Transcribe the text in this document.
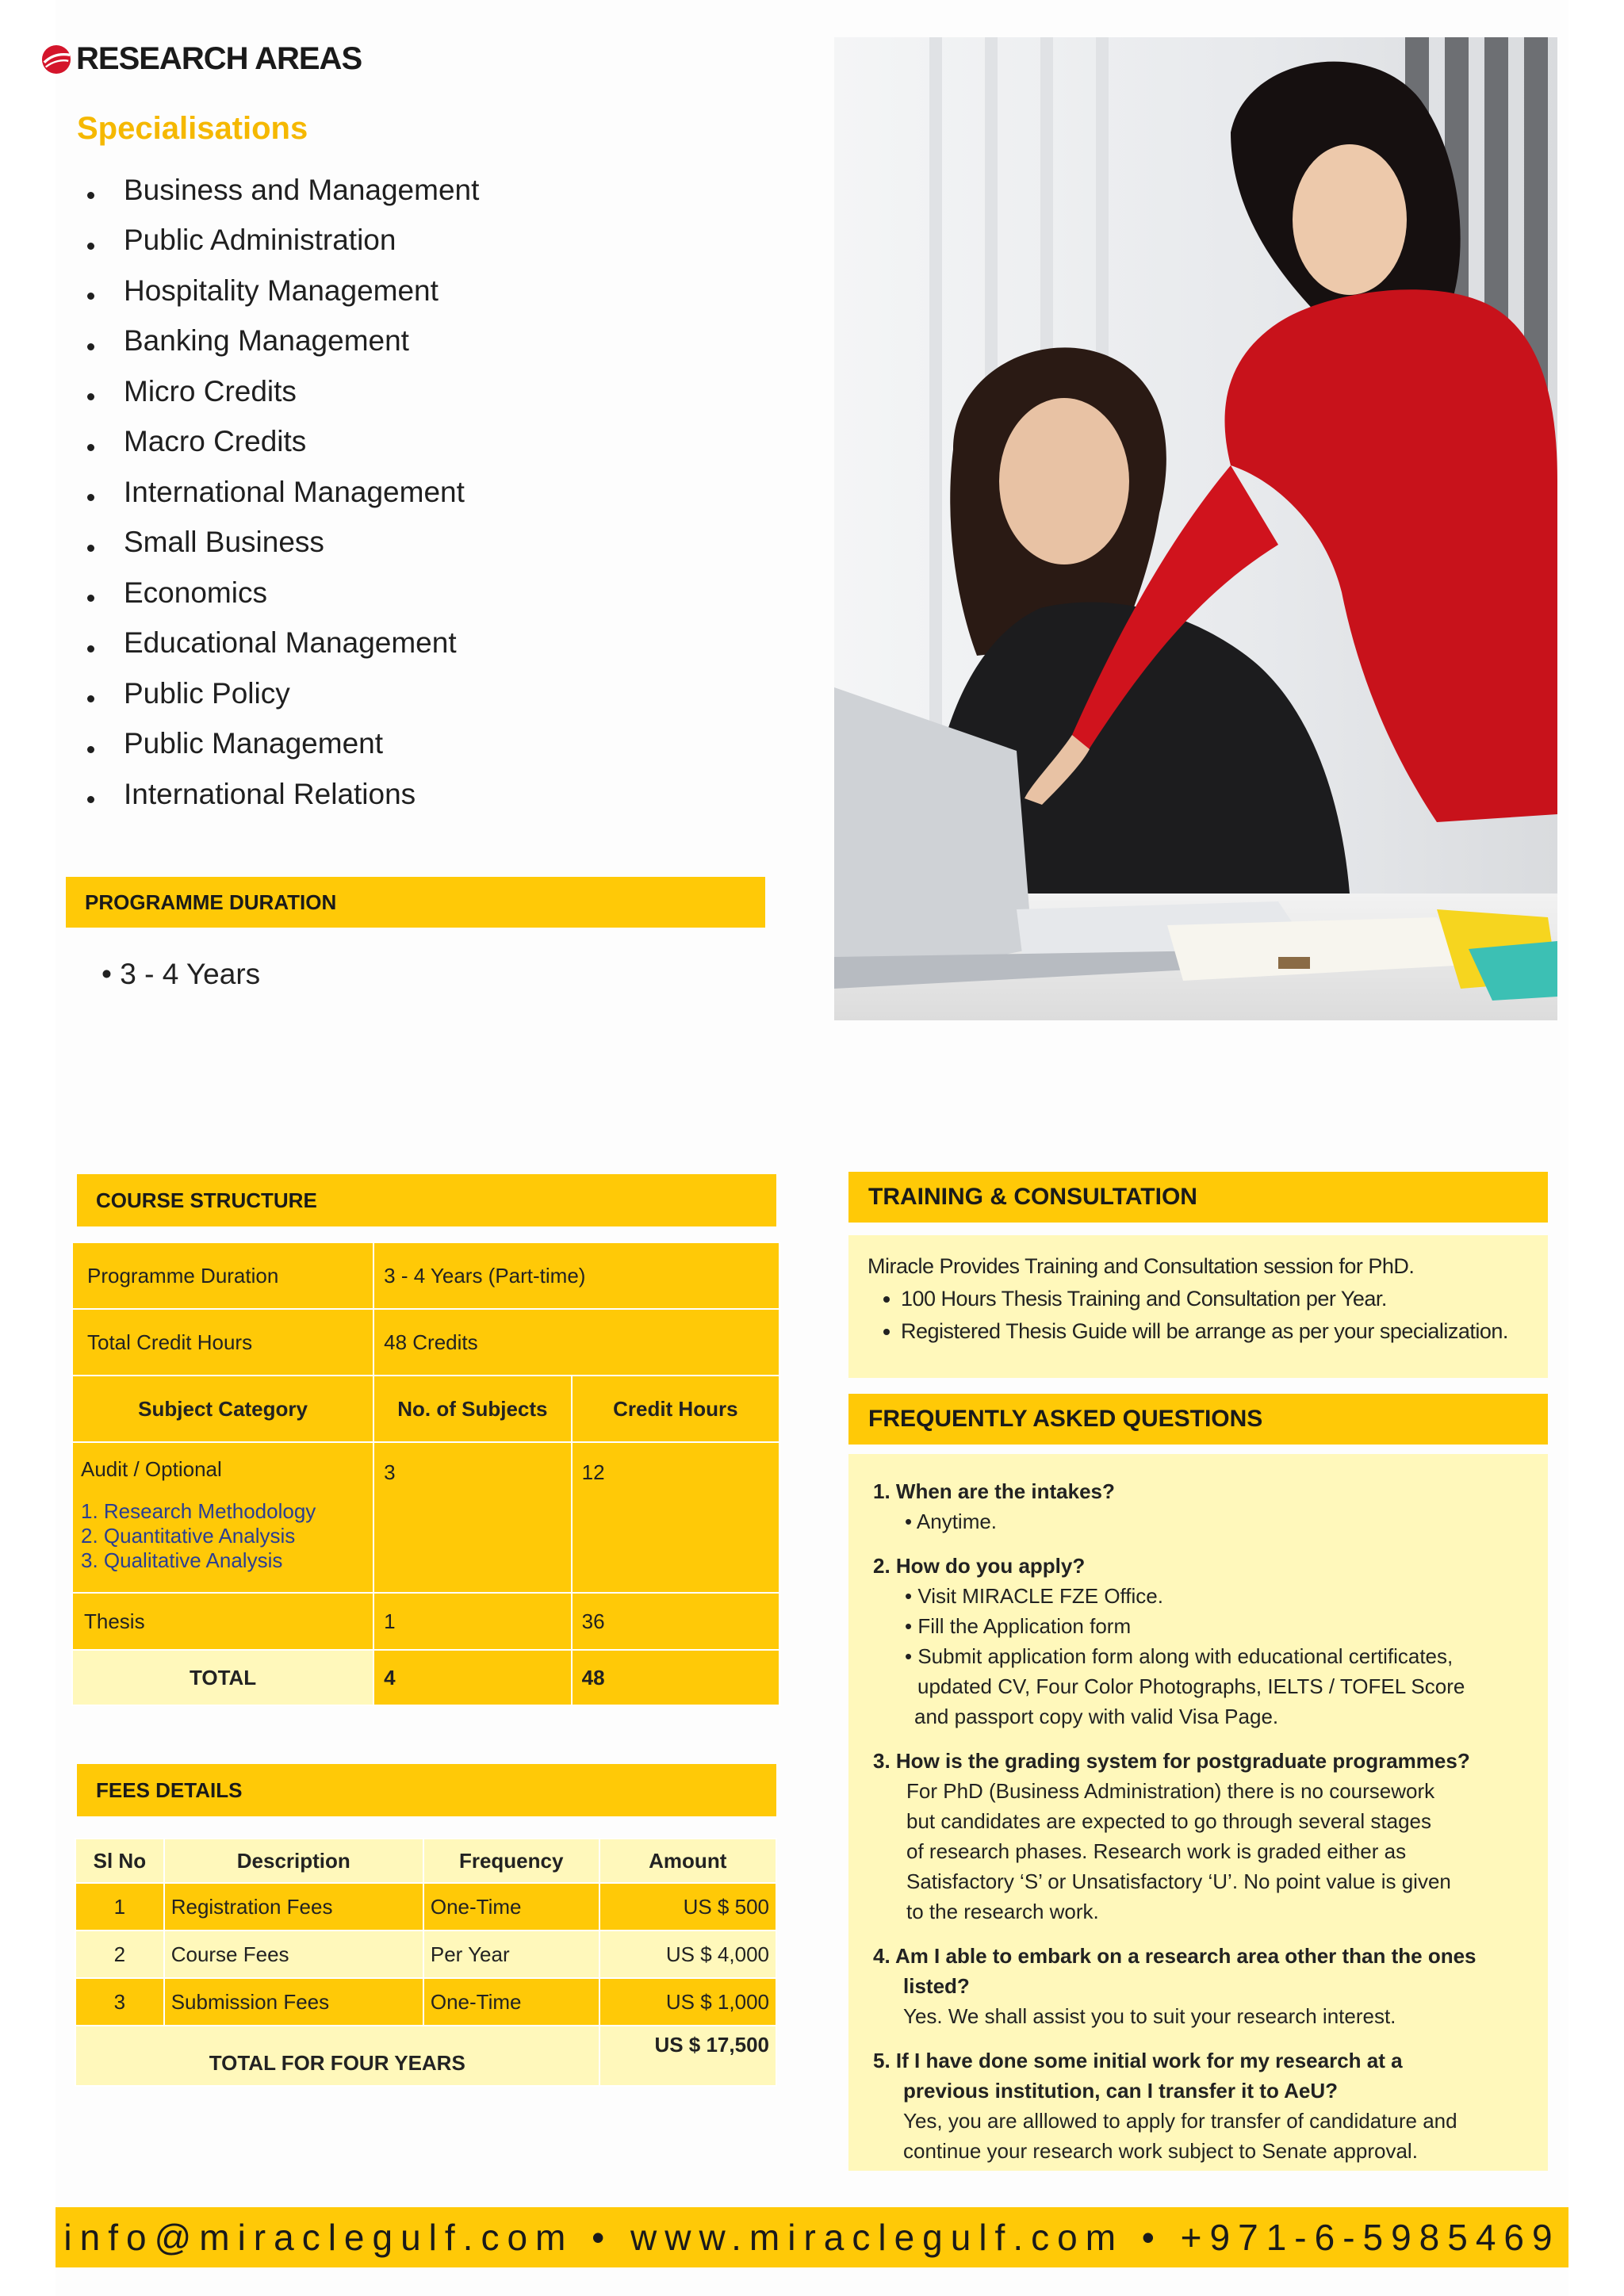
RESEARCH AREAS
Specialisations
Business and Management
Public Administration
Hospitality Management
Banking Management
Micro Credits
Macro Credits
International Management
Small Business
Economics
Educational Management
Public Policy
Public Management
International Relations
PROGRAMME DURATION
• 3 - 4 Years
COURSE STRUCTURE
Programme Duration	3 - 4 Years (Part-time)	
Total Credit Hours	48 Credits	
Subject Category	No. of Subjects	Credit Hours

Audit / Optional
1. Research Methodology
2. Quantitative Analysis
3. Qualitative Analysis	3	12
Thesis	1	36
TOTAL	4	48
FEES DETAILS
Sl No	Description	Frequency	Amount
1	Registration Fees	One-Time	US $ 500
2	Course Fees	Per Year	US $ 4,000
3	Submission Fees	One-Time	US $ 1,000
TOTAL FOR FOUR YEARS			US $ 17,500
TRAINING & CONSULTATION
Miracle Provides Training and Consultation session for PhD.
100 Hours Thesis Training and Consultation per Year.
Registered Thesis Guide will be arrange as per your specialization.
FREQUENTLY ASKED QUESTIONS
1. When are the intakes?
• Anytime.
2. How do you apply?
• Visit MIRACLE FZE Office.
• Fill the Application form
• Submit application form along with educational certificates,
updated CV, Four Color Photographs, IELTS / TOFEL Score
and passport copy with valid Visa Page.
3. How is the grading system for postgraduate programmes?
For PhD (Business Administration) there is no coursework
but candidates are expected to go through several stages
of research phases. Research work is graded either as
Satisfactory ‘S’ or Unsatisfactory ‘U’. No point value is given
to the research work.
4. Am I able to embark on a research area other than the ones
listed?
Yes. We shall assist you to suit your research interest.
5. If I have done some initial work for my research at a
previous institution, can I transfer it to AeU?
Yes, you are alllowed to apply for transfer of candidature and
continue your research work subject to Senate approval.
info@miraclegulf.com • www.miraclegulf.com • +971-6-5985469
